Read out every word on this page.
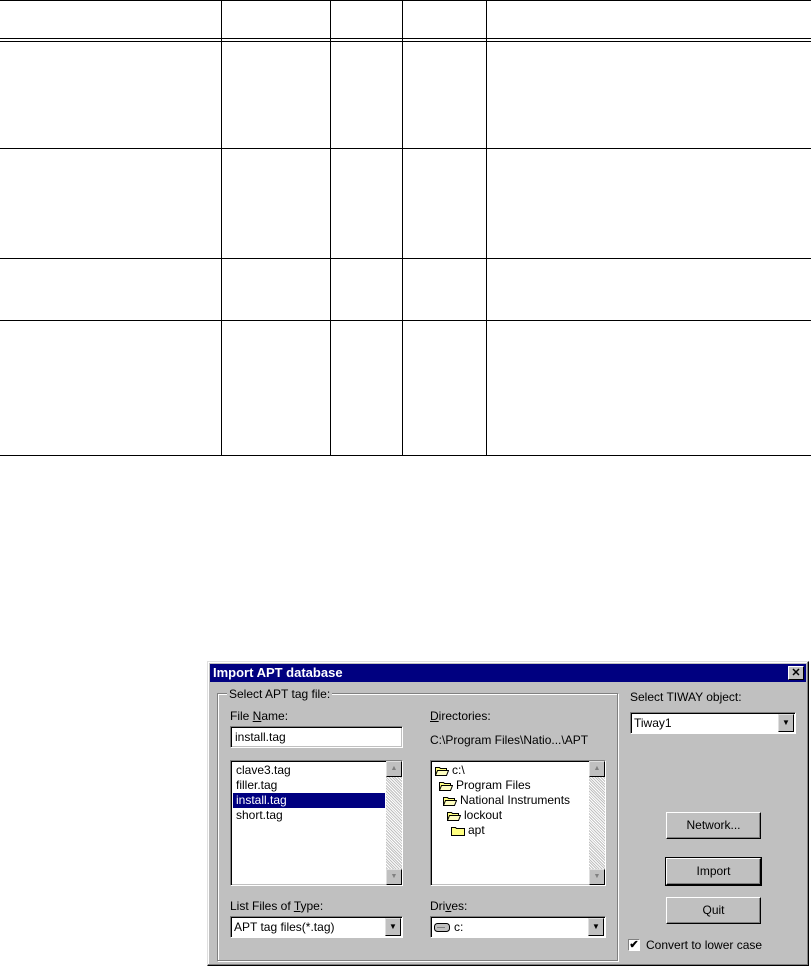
Import APT database	✕
Select APT tag file:
File Name:
install.tag
clave3.tag
filler.tag
install.tag
short.tag
▲
▼
Directories:
C:\Program Files\Natio...\APT
c:\
Program Files
National Instruments
lockout
apt
▲
▼
List Files of Type:
APT tag files(*.tag)	▼
Drives:
c:	▼
Select TIWAY object:
Tiway1	▼
Network...
Import
Quit
✔ Convert to lower case
